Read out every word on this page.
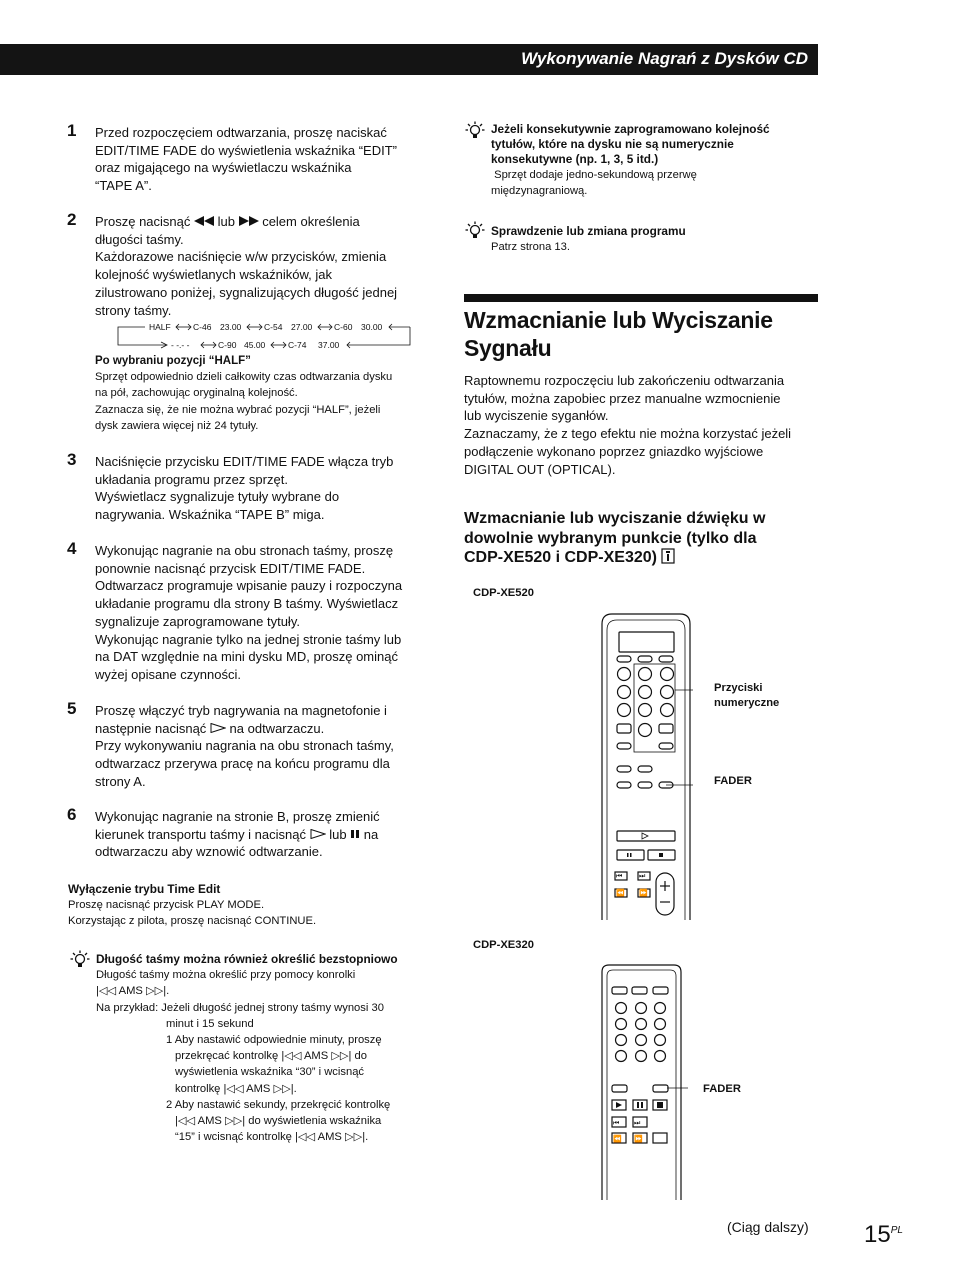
Wykonywanie Nagrań z Dysków CD
1 Przed rozpoczęciem odtwarzania, proszę naciskać
EDIT/TIME FADE do wyświetlenia wskaźnika “EDIT”
oraz migającego na wyświetlaczu wskaźnika
“TAPE A”.
2 Proszę nacisnąć  lub  celem określenia
długości taśmy.
Każdorazowe naciśnięcie w/w przycisków, zmienia
kolejność wyświetlanych wskaźników, jak
zilustrowano poniżej, sygnalizujących długość jednej
strony taśmy.
HALF	C-46 23.00	C-54 27.00	C-60 30.00
- -.- -	C-90 45.00	C-74 37.00
Po wybraniu pozycji “HALF”
Sprzęt odpowiednio dzieli całkowity czas odtwarzania dysku
na pół, zachowując oryginalną kolejność.
Zaznacza się, że nie można wybrać pozycji “HALF”, jeżeli
dysk zawiera więcej niż 24 tytuły.
3 Naciśnięcie przycisku EDIT/TIME FADE włącza tryb
układania programu przez sprzęt.
Wyświetlacz sygnalizuje tytuły wybrane do
nagrywania. Wskaźnika “TAPE B” miga.
4 Wykonując nagranie na obu stronach taśmy, proszę
ponownie nacisnąć przycisk EDIT/TIME FADE.
Odtwarzacz programuje wpisanie pauzy i rozpoczyna
układanie programu dla strony B taśmy. Wyświetlacz
sygnalizuje zaprogramowane tytuły.
Wykonując nagranie tylko na jednej stronie taśmy lub
na DAT względnie na mini dysku MD, proszę ominąć
wyżej opisane czynności.
5 Proszę włączyć tryb nagrywania na magnetofonie i
następnie nacisnąć  na odtwarzaczu.
Przy wykonywaniu nagrania na obu stronach taśmy,
odtwarzacz przerywa pracę na końcu programu dla
strony A.
6 Wykonując nagranie na stronie B, proszę zmienić
kierunek transportu taśmy i nacisnąć  lub  na
odtwarzaczu aby wznowić odtwarzanie.
Wyłączenie trybu Time Edit
Proszę nacisnąć przycisk PLAY MODE.
Korzystając z pilota, proszę nacisnąć CONTINUE.
Długość taśmy można również określić bezstopniowo
Długość taśmy można określić przy pomocy konrolki
|◁◁ AMS ▷▷|.
Na przykład: Jeżeli długość jednej strony taśmy wynosi 30
minut i 15 sekund
1 Aby nastawić odpowiednie minuty, proszę
przekręcać kontrolkę |◁◁ AMS ▷▷| do
wyświetlenia wskaźnika “30” i wcisnąć
kontrolkę |◁◁ AMS ▷▷|.
2 Aby nastawić sekundy, przekręcić kontrolkę
|◁◁ AMS ▷▷| do wyświetlenia wskaźnika
“15” i wcisnąć kontrolkę |◁◁ AMS ▷▷|.
Jeżeli konsekutywnie zaprogramowano kolejność
tytułów, które na dysku nie są numerycznie
konsekutywne (np. 1, 3, 5 itd.)
Sprzęt dodaje jedno-sekundową przerwę
międzynagraniową.
Sprawdzenie lub zmiana programu
Patrz strona 13.
Wzmacnianie lub Wyciszanie
Sygnału
Raptownemu rozpoczęciu lub zakończeniu odtwarzania
tytułów, można zapobiec przez manualne wzmocnienie
lub wyciszenie syganłów.
Zaznaczamy, że z tego efektu nie można korzystać jeżeli
podłączenie wykonano poprzez gniazdko wyjściowe
DIGITAL OUT (OPTICAL).
Wzmacnianie lub wyciszanie dźwięku w
dowolnie wybranym punkcie (tylko dla
CDP-XE520 i CDP-XE320)
CDP-XE520
⏮ ⏭
⏪ ⏩
Przyciski
numeryczne
FADER
CDP-XE320
⏮ ⏭
⏪ ⏩
FADER
(Ciąg dalszy) $15^{PL}$
